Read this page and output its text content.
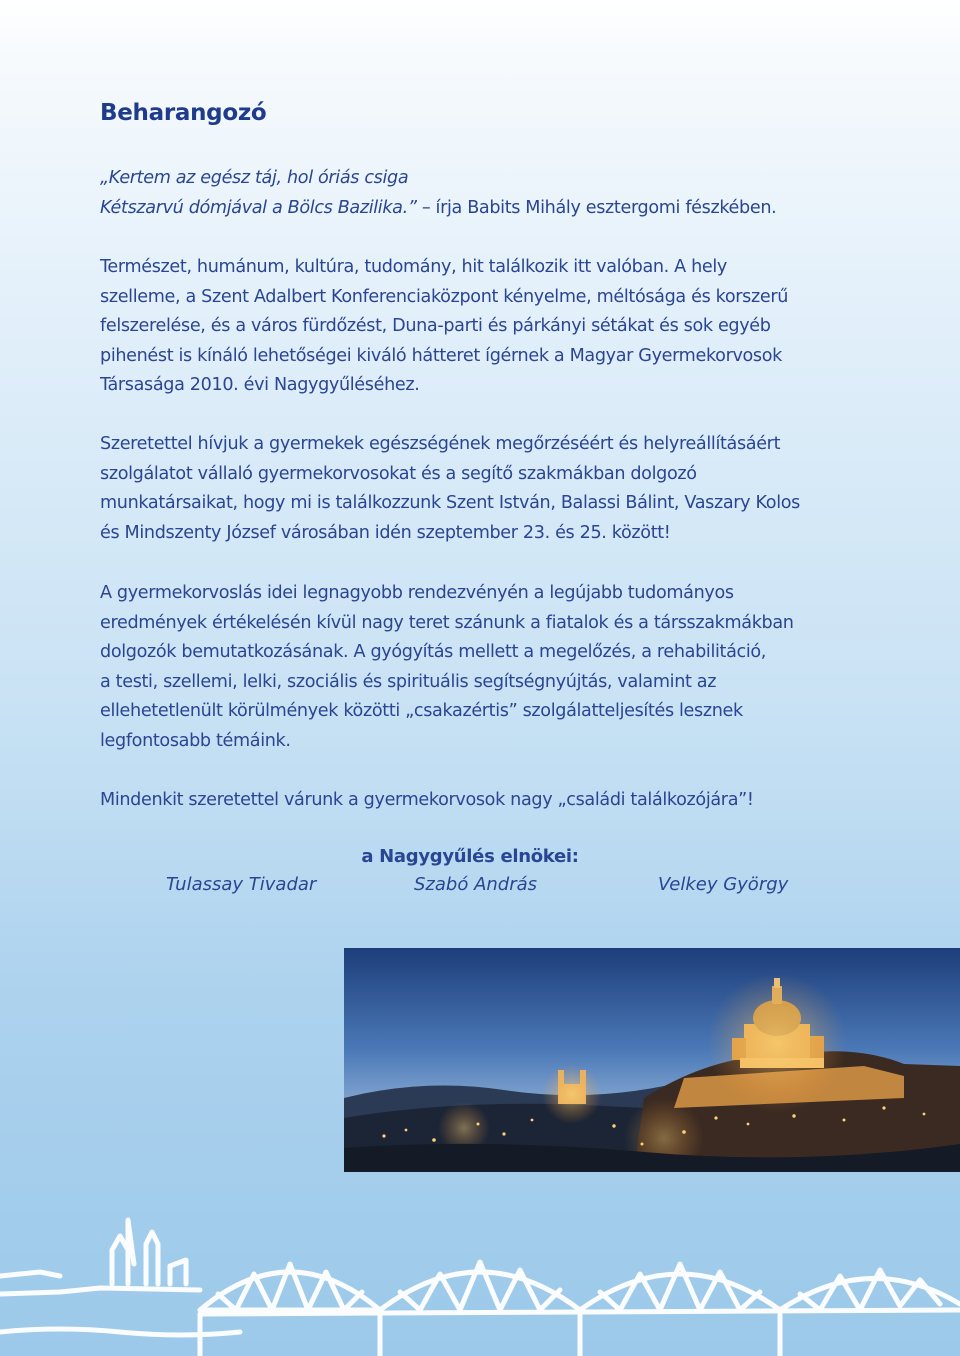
Beharangozó
„Kertem az egész táj, hol óriás csiga
Kétszarvú dómjával a Bölcs Bazilika.” – írja Babits Mihály esztergomi fészkében.
Természet, humánum, kultúra, tudomány, hit találkozik itt valóban. A hely
szelleme, a Szent Adalbert Konferenciaközpont kényelme, méltósága és korszerű
felszerelése, és a város fürdőzést, Duna-parti és párkányi sétákat és sok egyéb
pihenést is kínáló lehetőségei kiváló hátteret ígérnek a Magyar Gyermekorvosok
Társasága 2010. évi Nagygyűléséhez.
Szeretettel hívjuk a gyermekek egészségének megőrzéséért és helyreállításáért
szolgálatot vállaló gyermekorvosokat és a segítő szakmákban dolgozó
munkatársaikat, hogy mi is találkozzunk Szent István, Balassi Bálint, Vaszary Kolos
és Mindszenty József városában idén szeptember 23. és 25. között!
A gyermekorvoslás idei legnagyobb rendezvényén a legújabb tudományos
eredmények értékelésén kívül nagy teret szánunk a fiatalok és a társszakmákban
dolgozók bemutatkozásának. A gyógyítás mellett a megelőzés, a rehabilitáció,
a testi, szellemi, lelki, szociális és spirituális segítségnyújtás, valamint az
ellehetetlenült körülmények közötti „csakazértis” szolgálatteljesítés lesznek
legfontosabb témáink.
Mindenkit szeretettel várunk a gyermekorvosok nagy „családi találkozójára”!
a Nagygyűlés elnökei:
Tulassay Tivadar	Szabó András	Velkey György
